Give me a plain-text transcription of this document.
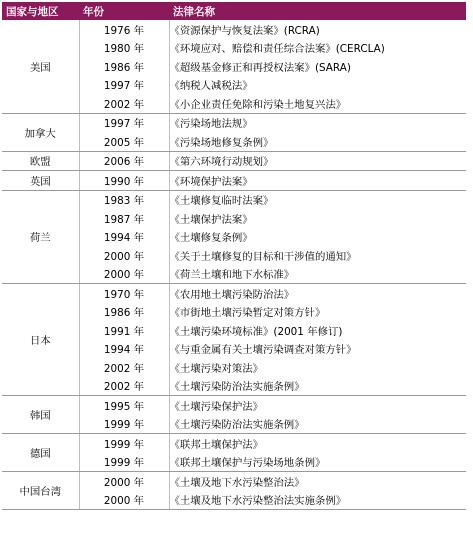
国家与地区	年份	法律名称
美国	1976 年	《资源保护与恢复法案》(RCRA)
	1980 年	《环境应对、赔偿和责任综合法案》(CERCLA)
	1986 年	《超级基金修正和再授权法案》(SARA)
	1997 年	《纳税人减税法》
	2002 年	《小企业责任免除和污染土地复兴法》
加拿大	1997 年	《污染场地法规》
	2005 年	《污染场地修复条例》
欧盟	2006 年	《第六环境行动规划》
英国	1990 年	《环境保护法案》
荷兰	1983 年	《土壤修复临时法案》
	1987 年	《土壤保护法案》
	1994 年	《土壤修复条例》
	2000 年	《关于土壤修复的目标和干涉值的通知》
	2000 年	《荷兰土壤和地下水标准》
日本	1970 年	《农用地土壤污染防治法》
	1986 年	《市街地土壤污染暂定对策方针》
	1991 年	《土壤污染环境标准》(2001 年修订)
	1994 年	《与重金属有关土壤污染调查对策方针》
	2002 年	《土壤污染对策法》
	2002 年	《土壤污染防治法实施条例》
韩国	1995 年	《土壤污染保护法》
	1999 年	《土壤污染防治法实施条例》
德国	1999 年	《联邦土壤保护法》
	1999 年	《联邦土壤保护与污染场地条例》
中国台湾	2000 年	《土壤及地下水污染整治法》
	2000 年	《土壤及地下水污染整治法实施条例》
